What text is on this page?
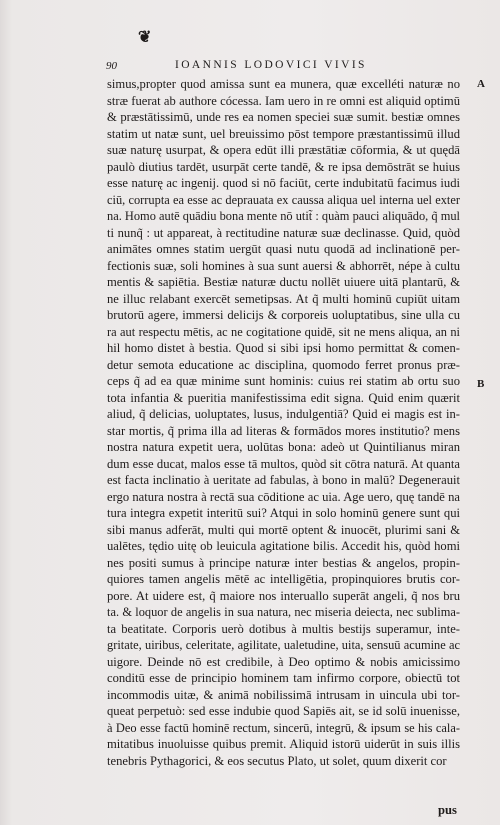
❦
90	IOANNIS LODOVICI VIVIS
simus,propter quod amissa sunt ea munera, quæ excelléti naturæ no
stræ fuerat ab authore cócessa. Iam uero in re omni est aliquid optimū
& præstātissimū, unde res ea nomen speciei suæ sumit. bestiæ omnes
statim ut natæ sunt, uel breuissimo pōst tempore præstantissimū illud
suæ naturę usurpat, & opera edūt illi præstātiæ cōformia, & ut quędā
paulò diutius tardēt, usurpāt certe tandē, & re ipsa demōstrāt se huius
esse naturę ac ingenij. quod si nō faciūt, certe indubitatū facimus iudi
ciū, corrupta ea esse ac deprauata ex caussa aliqua uel interna uel exter
na. Homo autē quādiu bona mente nō utit̃ : quàm pauci aliquādo, q̃ mul
ti nunq̃ : ut appareat, à rectitudine naturæ suæ declinasse. Quid, quòd
animātes omnes statim uergūt quasi nutu quodā ad inclinationē per-
fectionis suæ, soli homines à sua sunt auersi & abhorrēt, népe à cultu
mentis & sapiētia. Bestiæ naturæ ductu nollēt uiuere uitā plantarū, &
ne illuc relabant exercēt semetipsas. At q̃ multi hominū cupiūt uitam
brutorū agere, immersi delicijs & corporeis uoluptatibus, sine ulla cu
ra aut respectu mētis, ac ne cogitatione quidē, sit ne mens aliqua, an ni
hil homo distet à bestia. Quod si sibi ipsi homo permittat & comen-
detur semota educatione ac disciplina, quomodo ferret pronus præ-
ceps q̃ ad ea quæ minime sunt hominis: cuius rei statim ab ortu suo
tota infantia & pueritia manifestissima edit signa. Quid enim quærit
aliud, q̃ delicias, uoluptates, lusus, indulgentiā? Quid ei magis est in-
star mortis, q̃ prima illa ad literas & formādos mores institutio? mens
nostra natura expetit uera, uolūtas bona: adeò ut Quintilianus miran
dum esse ducat, malos esse tā multos, quòd sit cōtra naturā. At quanta
est facta inclinatio à ueritate ad fabulas, à bono in malū? Degenerauit
ergo natura nostra à rectā sua cōditione ac uia. Age uero, quę tandē na
tura integra expetit interitū sui? Atqui in solo hominū genere sunt qui
sibi manus adferāt, multi qui mortē optent & inuocēt, plurimi sani &
ualētes, tędio uitę ob leuicula agitatione bilis. Accedit his, quòd homi
nes positi sumus à principe naturæ inter bestias & angelos, propin-
quiores tamen angelis mētē ac intelligētia, propinquiores brutis cor-
pore. At uidere est, q̃ maiore nos interuallo superāt angeli, q̃ nos bru
ta. & loquor de angelis in sua natura, nec miseria deiecta, nec sublima-
ta beatitate. Corporis uerò dotibus à multis bestijs superamur, inte-
gritate, uiribus, celeritate, agilitate, ualetudine, uita, sensuū acumine ac
uigore. Deinde nō est credibile, à Deo optimo & nobis amicissimo
conditū esse de principio hominem tam infirmo corpore, obiectū tot
incommodis uitæ, & animā nobilissimā intrusam in uincula ubi tor-
queat perpetuò: sed esse indubie quod Sapiēs ait, se id solū inuenisse,
à Deo esse factū hominē rectum, sincerū, integrū, & ipsum se his cala-
mitatibus inuoluisse quibus premit. Aliquid istorū uiderūt in suis illis
tenebris Pythagorici, & eos secutus Plato, ut solet, quum dixerit cor
A
B
pus
